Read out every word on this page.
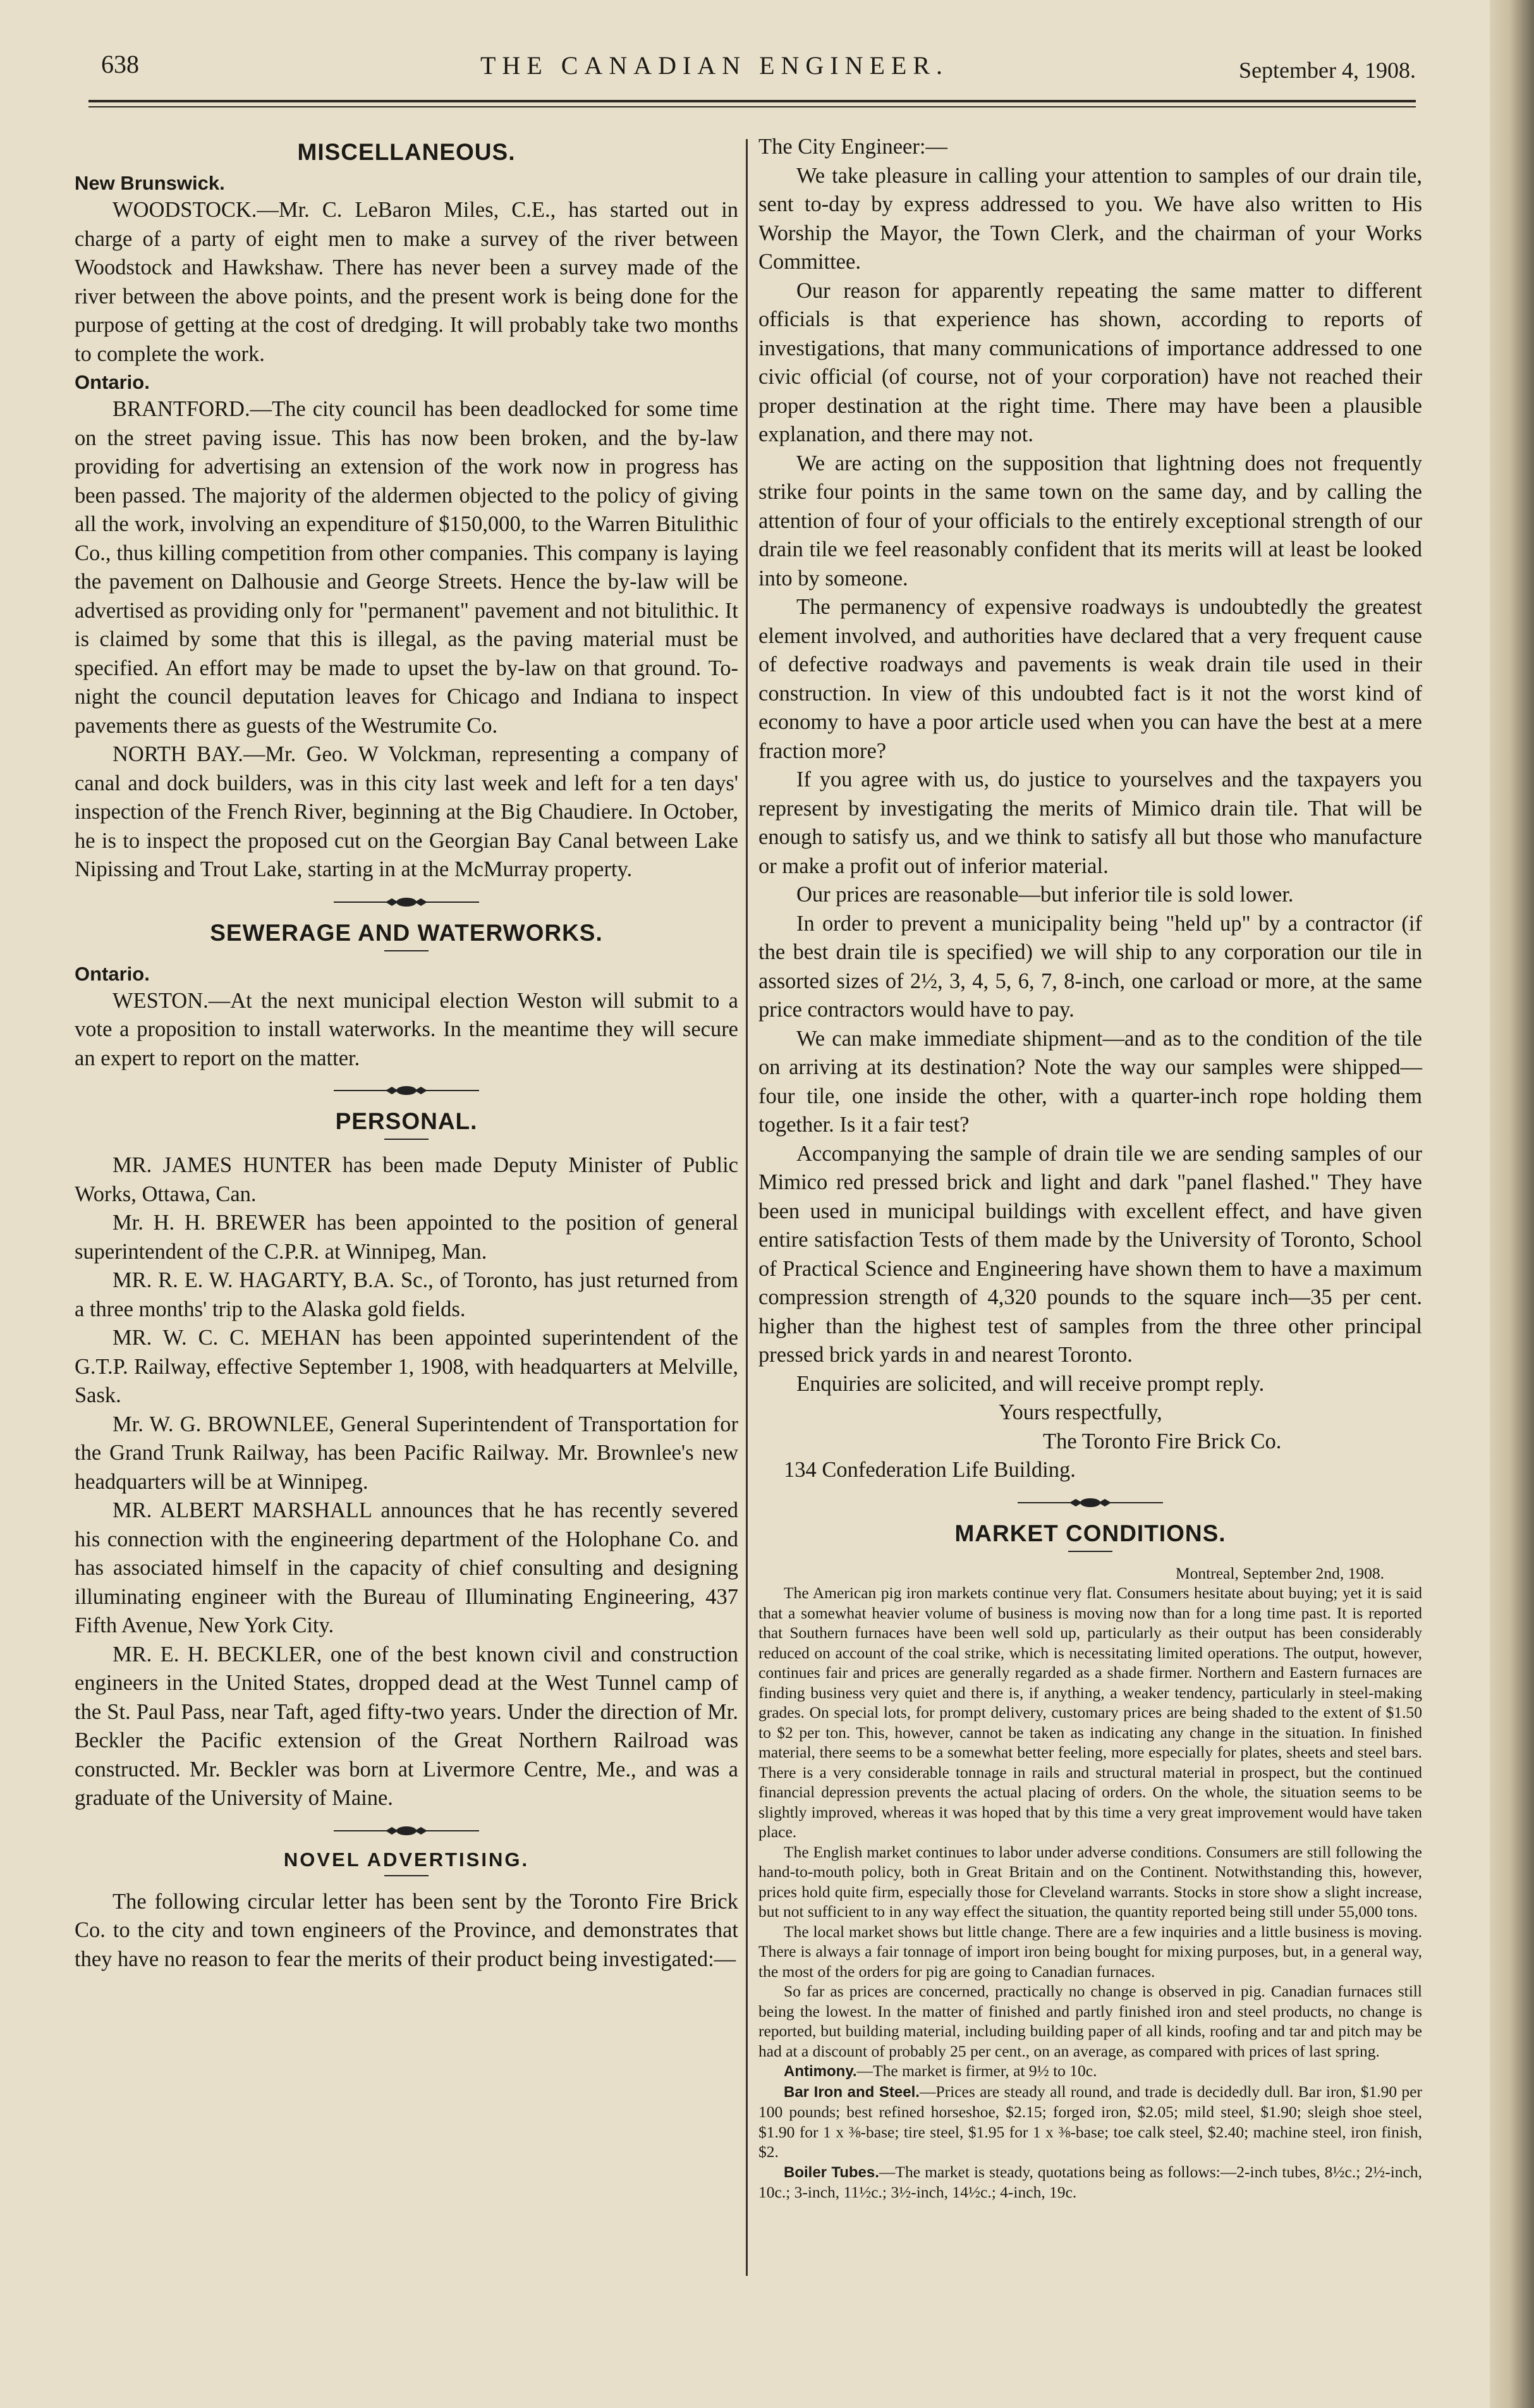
638	THE CANADIAN ENGINEER.	September 4, 1908.
MISCELLANEOUS.
New Brunswick.

WOODSTOCK.—Mr. C. LeBaron Miles, C.E., has started out in charge of a party of eight men to make a survey of the river between Woodstock and Hawkshaw. There has never been a survey made of the river between the above points, and the present work is being done for the purpose of getting at the cost of dredging. It will probably take two months to complete the work.

Ontario.

BRANTFORD.—The city council has been deadlocked for some time on the street paving issue. This has now been broken, and the by-law providing for advertising an extension of the work now in progress has been passed. The majority of the aldermen objected to the policy of giving all the work, involving an expenditure of $150,000, to the Warren Bitulithic Co., thus killing competition from other companies. This company is laying the pavement on Dalhousie and George Streets. Hence the by-law will be advertised as providing only for "permanent" pavement and not bitulithic. It is claimed by some that this is illegal, as the paving material must be specified. An effort may be made to upset the by-law on that ground. To-night the council deputation leaves for Chicago and Indiana to inspect pavements there as guests of the Westrumite Co.

NORTH BAY.—Mr. Geo. W Volckman, representing a company of canal and dock builders, was in this city last week and left for a ten days' inspection of the French River, beginning at the Big Chaudiere. In October, he is to inspect the proposed cut on the Georgian Bay Canal between Lake Nipissing and Trout Lake, starting in at the McMurray property.

SEWERAGE AND WATERWORKS.
Ontario.

WESTON.—At the next municipal election Weston will submit to a vote a proposition to install waterworks. In the meantime they will secure an expert to report on the matter.

PERSONAL.

MR. JAMES HUNTER has been made Deputy Minister of Public Works, Ottawa, Can.

Mr. H. H. BREWER has been appointed to the position of general superintendent of the C.P.R. at Winnipeg, Man.

MR. R. E. W. HAGARTY, B.A. Sc., of Toronto, has just returned from a three months' trip to the Alaska gold fields.

MR. W. C. C. MEHAN has been appointed superintendent of the G.T.P. Railway, effective September 1, 1908, with headquarters at Melville, Sask.

Mr. W. G. BROWNLEE, General Superintendent of Transportation for the Grand Trunk Railway, has been Pacific Railway. Mr. Brownlee's new headquarters will be at Winnipeg.

MR. ALBERT MARSHALL announces that he has recently severed his connection with the engineering department of the Holophane Co. and has associated himself in the capacity of chief consulting and designing illuminating engineer with the Bureau of Illuminating Engineering, 437 Fifth Avenue, New York City.

MR. E. H. BECKLER, one of the best known civil and construction engineers in the United States, dropped dead at the West Tunnel camp of the St. Paul Pass, near Taft, aged fifty-two years. Under the direction of Mr. Beckler the Pacific extension of the Great Northern Railroad was constructed. Mr. Beckler was born at Livermore Centre, Me., and was a graduate of the University of Maine.

NOVEL ADVERTISING.

The following circular letter has been sent by the Toronto Fire Brick Co. to the city and town engineers of the Province, and demonstrates that they have no reason to fear the merits of their product being investigated:—

The City Engineer:—

We take pleasure in calling your attention to samples of our drain tile, sent to-day by express addressed to you. We have also written to His Worship the Mayor, the Town Clerk, and the chairman of your Works Committee.

Our reason for apparently repeating the same matter to different officials is that experience has shown, according to reports of investigations, that many communications of importance addressed to one civic official (of course, not of your corporation) have not reached their proper destination at the right time. There may have been a plausible explanation, and there may not.

We are acting on the supposition that lightning does not frequently strike four points in the same town on the same day, and by calling the attention of four of your officials to the entirely exceptional strength of our drain tile we feel reasonably confident that its merits will at least be looked into by someone.

The permanency of expensive roadways is undoubtedly the greatest element involved, and authorities have declared that a very frequent cause of defective roadways and pavements is weak drain tile used in their construction. In view of this undoubted fact is it not the worst kind of economy to have a poor article used when you can have the best at a mere fraction more?

If you agree with us, do justice to yourselves and the taxpayers you represent by investigating the merits of Mimico drain tile. That will be enough to satisfy us, and we think to satisfy all but those who manufacture or make a profit out of inferior material.

Our prices are reasonable—but inferior tile is sold lower.

In order to prevent a municipality being "held up" by a contractor (if the best drain tile is specified) we will ship to any corporation our tile in assorted sizes of 2½, 3, 4, 5, 6, 7, 8-inch, one carload or more, at the same price contractors would have to pay.

We can make immediate shipment—and as to the condition of the tile on arriving at its destination? Note the way our samples were shipped—four tile, one inside the other, with a quarter-inch rope holding them together. Is it a fair test?

Accompanying the sample of drain tile we are sending samples of our Mimico red pressed brick and light and dark "panel flashed." They have been used in municipal buildings with excellent effect, and have given entire satisfaction Tests of them made by the University of Toronto, School of Practical Science and Engineering have shown them to have a maximum compression strength of 4,320 pounds to the square inch—35 per cent. higher than the highest test of samples from the three other principal pressed brick yards in and nearest Toronto.

Enquiries are solicited, and will receive prompt reply.

Yours respectfully,

The Toronto Fire Brick Co.

134 Confederation Life Building.

MARKET CONDITIONS.

Montreal, September 2nd, 1908.

The American pig iron markets continue very flat. Consumers hesitate about buying; yet it is said that a somewhat heavier volume of business is moving now than for a long time past. It is reported that Southern furnaces have been well sold up, particularly as their output has been considerably reduced on account of the coal strike, which is necessitating limited operations. The output, however, continues fair and prices are generally regarded as a shade firmer. Northern and Eastern furnaces are finding business very quiet and there is, if anything, a weaker tendency, particularly in steel-making grades. On special lots, for prompt delivery, customary prices are being shaded to the extent of $1.50 to $2 per ton. This, however, cannot be taken as indicating any change in the situation. In finished material, there seems to be a somewhat better feeling, more especially for plates, sheets and steel bars. There is a very considerable tonnage in rails and structural material in prospect, but the continued financial depression prevents the actual placing of orders. On the whole, the situation seems to be slightly improved, whereas it was hoped that by this time a very great improvement would have taken place.

The English market continues to labor under adverse conditions. Consumers are still following the hand-to-mouth policy, both in Great Britain and on the Continent. Notwithstanding this, however, prices hold quite firm, especially those for Cleveland warrants. Stocks in store show a slight increase, but not sufficient to in any way effect the situation, the quantity reported being still under 55,000 tons.

The local market shows but little change. There are a few inquiries and a little business is moving. There is always a fair tonnage of import iron being bought for mixing purposes, but, in a general way, the most of the orders for pig are going to Canadian furnaces.

So far as prices are concerned, practically no change is observed in pig. Canadian furnaces still being the lowest. In the matter of finished and partly finished iron and steel products, no change is reported, but building material, including building paper of all kinds, roofing and tar and pitch may be had at a discount of probably 25 per cent., on an average, as compared with prices of last spring.

Antimony.—The market is firmer, at 9½ to 10c.

Bar Iron and Steel.—Prices are steady all round, and trade is decidedly dull. Bar iron, $1.90 per 100 pounds; best refined horseshoe, $2.15; forged iron, $2.05; mild steel, $1.90; sleigh shoe steel, $1.90 for 1 x ⅜-base; tire steel, $1.95 for 1 x ⅜-base; toe calk steel, $2.40; machine steel, iron finish, $2.

Boiler Tubes.—The market is steady, quotations being as follows:—2-inch tubes, 8½c.; 2½-inch, 10c.; 3-inch, 11½c.; 3½-inch, 14½c.; 4-inch, 19c.
